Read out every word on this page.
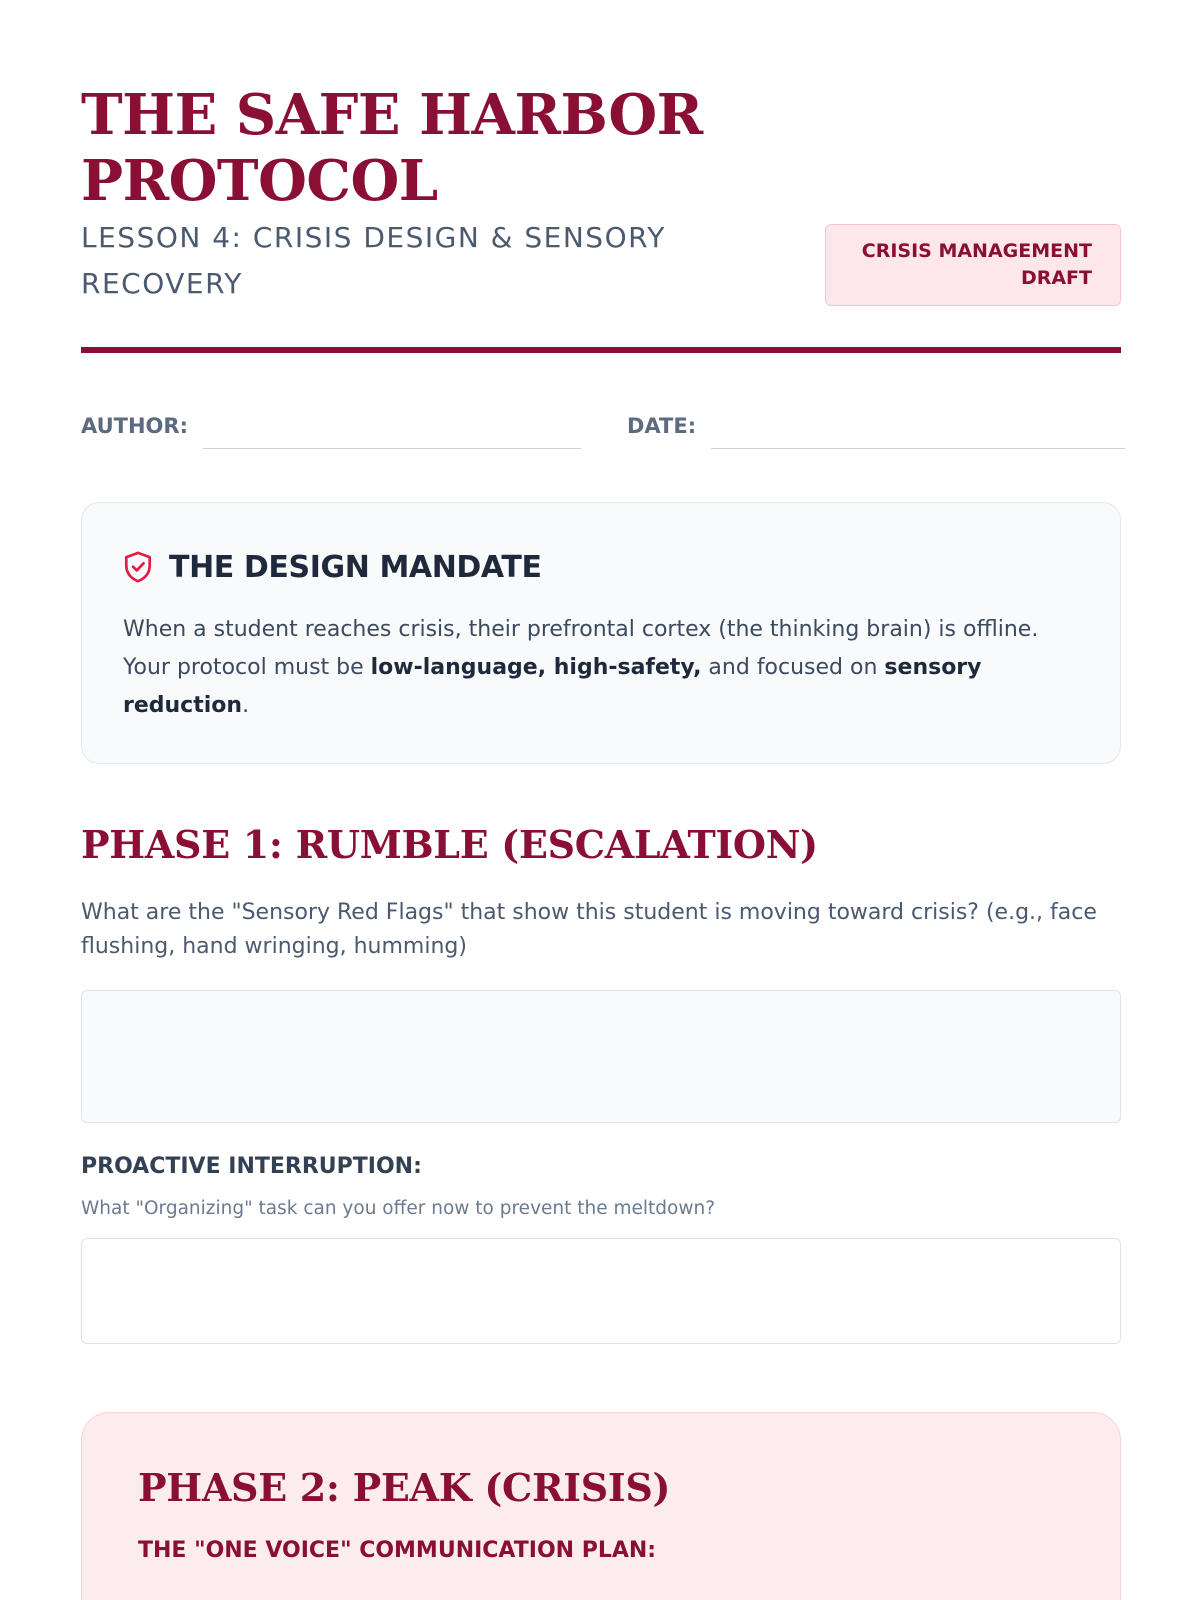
THE SAFE HARBOR PROTOCOL
LESSON 4: CRISIS DESIGN & SENSORY RECOVERY
CRISIS MANAGEMENT DRAFT
AUTHOR:	DATE:
THE DESIGN MANDATE

When a student reaches crisis, their prefrontal cortex (the thinking brain) is offline. Your protocol must be low-language, high-safety, and focused on sensory reduction.

PHASE 1: RUMBLE (ESCALATION)

What are the "Sensory Red Flags" that show this student is moving toward crisis? (e.g., face flushing, hand wringing, humming)

PROACTIVE INTERRUPTION:

What "Organizing" task can you offer now to prevent the meltdown?

PHASE 2: PEAK (CRISIS)

THE "ONE VOICE" COMMUNICATION PLAN:
